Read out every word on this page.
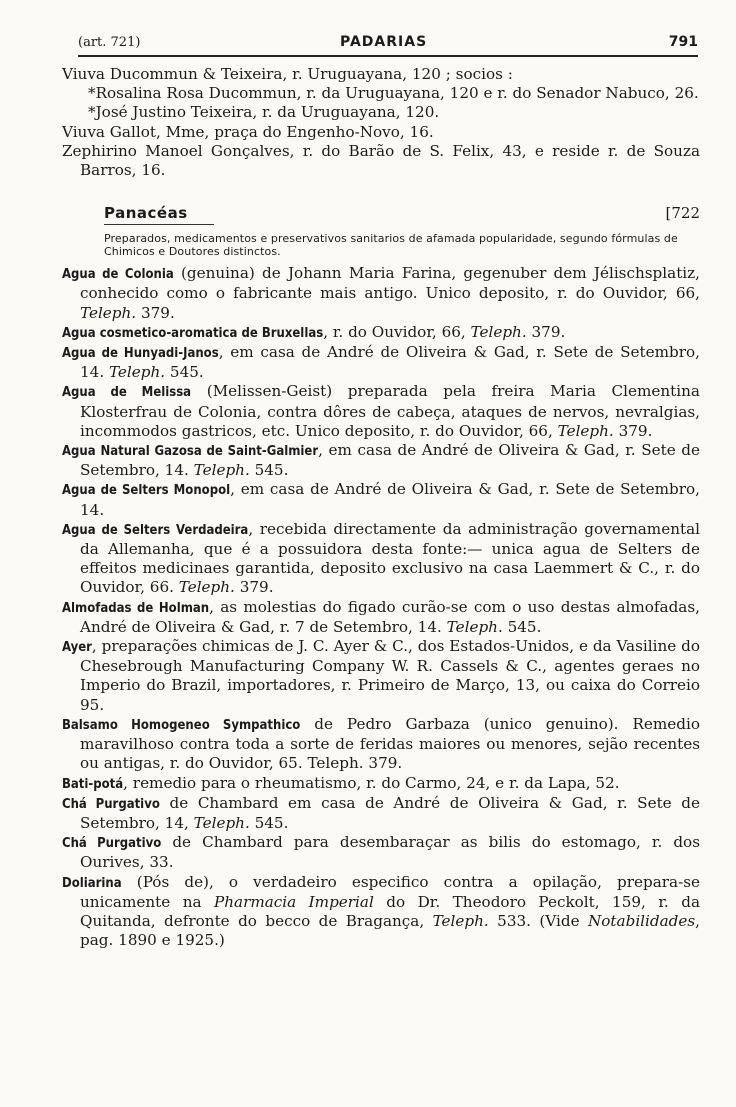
(art. 721)	PADARIAS	791

Viuva Ducommun & Teixeira, r. Uruguayana, 120 ; socios :

*Rosalina Rosa Ducommun, r. da Uruguayana, 120 e r. do Senador Nabuco, 26.

*José Justino Teixeira, r. da Uruguayana, 120.

Viuva Gallot, Mme, praça do Engenho-Novo, 16.

Zephirino Manoel Gonçalves, r. do Barão de S. Felix, 43, e reside r. de Souza Barros, 16.

Panacéas	[722

Preparados, medicamentos e preservativos sanitarios de afamada popularidade, segundo fórmulas de Chimicos e Doutores distinctos.

Agua de Colonia (genuina) de Johann Maria Farina, gegenuber dem Jélischsplatiz, conhecido como o fabricante mais antigo. Unico deposito, r. do Ouvidor, 66, Teleph. 379.

Agua cosmetico-aromatica de Bruxellas, r. do Ouvidor, 66, Teleph. 379.

Agua de Hunyadi-Janos, em casa de André de Oliveira & Gad, r. Sete de Setembro, 14. Teleph. 545.

Agua de Melissa (Melissen-Geist) preparada pela freira Maria Clementina Klosterfrau de Colonia, contra dôres de cabeça, ataques de nervos, nevralgias, incommodos gastricos, etc. Unico deposito, r. do Ouvidor, 66, Teleph. 379.

Agua Natural Gazosa de Saint-Galmier, em casa de André de Oliveira & Gad, r. Sete de Setembro, 14. Teleph. 545.

Agua de Selters Monopol, em casa de André de Oliveira & Gad, r. Sete de Setembro, 14.

Agua de Selters Verdadeira, recebida directamente da administração governamental da Allemanha, que é a possuidora desta fonte:— unica agua de Selters de effeitos medicinaes garantida, deposito exclusivo na casa Laemmert & C., r. do Ouvidor, 66. Teleph. 379.

Almofadas de Holman, as molestias do figado curão-se com o uso destas almofadas, André de Oliveira & Gad, r. 7 de Setembro, 14. Teleph. 545.

Ayer, preparações chimicas de J. C. Ayer & C., dos Estados-Unidos, e da Vasiline do Chesebrough Manufacturing Company W. R. Cassels & C., agentes geraes no Imperio do Brazil, importadores, r. Primeiro de Março, 13, ou caixa do Correio 95.

Balsamo Homogeneo Sympathico de Pedro Garbaza (unico genuino). Remedio maravilhoso contra toda a sorte de feridas maiores ou menores, sejão recentes ou antigas, r. do Ouvidor, 65. Teleph. 379.

Bati-potá, remedio para o rheumatismo, r. do Carmo, 24, e r. da Lapa, 52.

Chá Purgativo de Chambard em casa de André de Oliveira & Gad, r. Sete de Setembro, 14, Teleph. 545.

Chá Purgativo de Chambard para desembaraçar as bilis do estomago, r. dos Ourives, 33.

Doliarina (Pós de), o verdadeiro especifico contra a opilação, prepara-se unicamente na Pharmacia Imperial do Dr. Theodoro Peckolt, 159, r. da Quitanda, defronte do becco de Bragança, Teleph. 533. (Vide Notabilidades, pag. 1890 e 1925.)
